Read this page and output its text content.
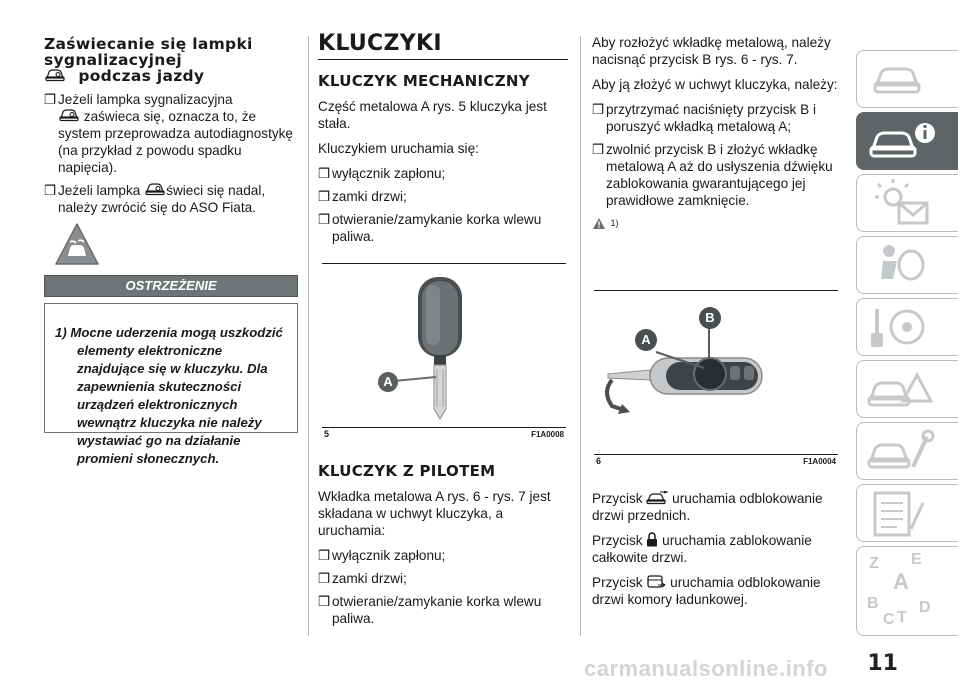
Zaświecanie się lampki
sygnalizacyjnej
podczas jazdy
❒ Jeżeli lampka sygnalizacyjna

zaświeca się, oznacza to, że system przeprowadza autodiagnostykę (na przykład z powodu spadku napięcia).
❒ Jeżeli lampka świeci się nadal, należy zwrócić się do ASO Fiata.
OSTRZEŻENIE

1) Mocne uderzenia mogą uszkodzić elementy elektroniczne znajdujące się w kluczyku. Dla zapewnienia skuteczności urządzeń elektronicznych wewnątrz kluczyka nie należy wystawiać go na działanie promieni słonecznych.

KLUCZYKI
KLUCZYK MECHANICZNY

Część metalowa A rys. 5 kluczyka jest stała.

Kluczykiem uruchamia się:

❒ wyłącznik zapłonu;
❒ zamki drzwi;
❒ otwieranie/zamykanie korka wlewu paliwa.
A
5	F1A0008
KLUCZYK Z PILOTEM

Wkładka metalowa A rys. 6 - rys. 7 jest składana w uchwyt kluczyka, a uruchamia:

❒ wyłącznik zapłonu;
❒ zamki drzwi;
❒ otwieranie/zamykanie korka wlewu paliwa.

Aby rozłożyć wkładkę metalową, należy nacisnąć przycisk B rys. 6 - rys. 7.

Aby ją złożyć w uchwyt kluczyka, należy:

❒ przytrzymać naciśnięty przycisk B i poruszyć wkładką metalową A;
❒ zwolnić przycisk B i złożyć wkładkę metalową A aż do usłyszenia dźwięku zablokowania gwarantującego jej prawidłowe zamknięcie.
1)
A
B
6	F1A0004

Przycisk uruchamia odblokowanie drzwi przednich.

Przycisk uruchamia zablokowanie całkowite drzwi.

Przycisk uruchamia odblokowanie drzwi komory ładunkowej.

Z E
A
B
C
D
T
11
carmanualsonline.info
